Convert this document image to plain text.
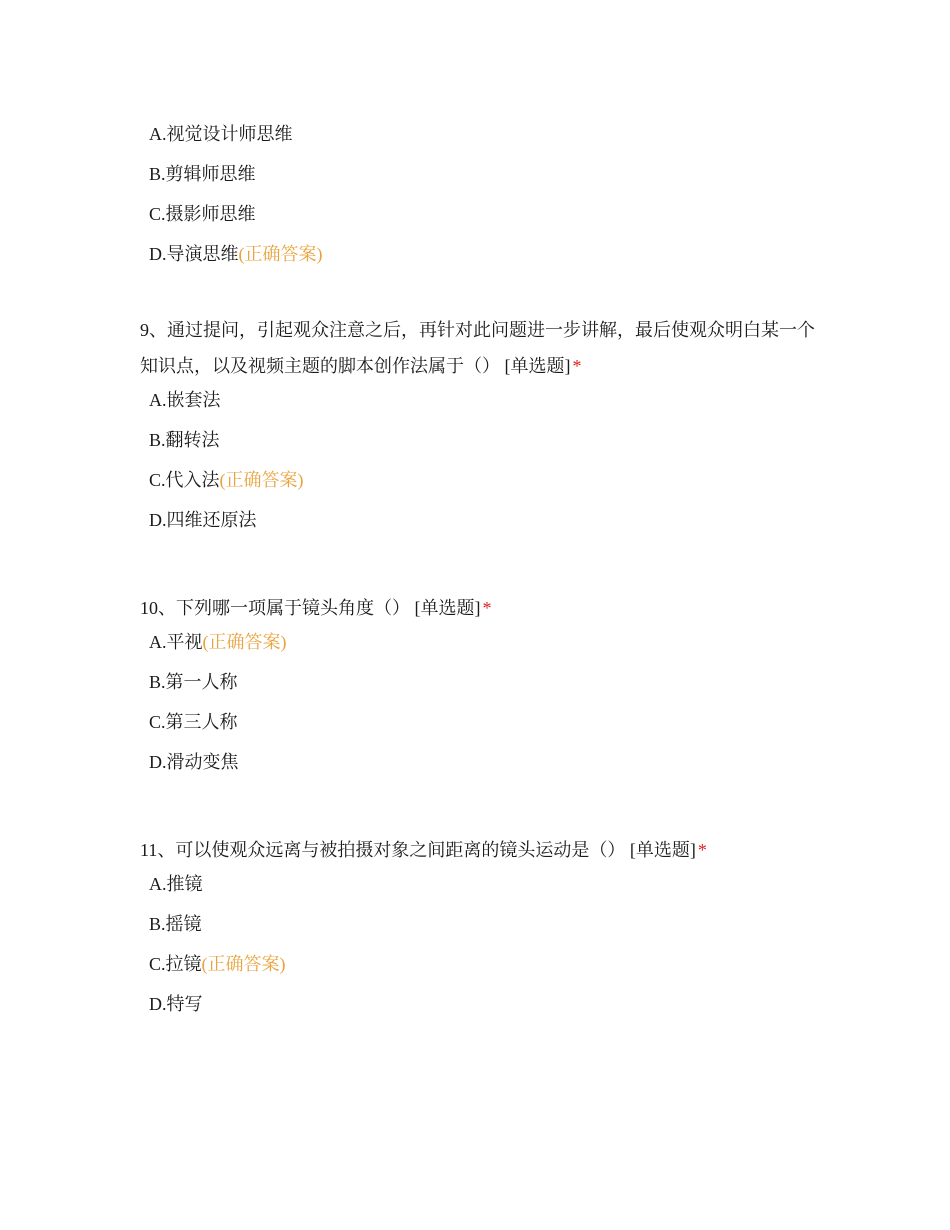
A.视觉设计师思维
B.剪辑师思维
C.摄影师思维
D.导演思维(正确答案)
9、通过提问，引起观众注意之后，再针对此问题进一步讲解，最后使观众明白某一个知识点，以及视频主题的脚本创作法属于（） [单选题] *
A.嵌套法
B.翻转法
C.代入法(正确答案)
D.四维还原法
10、下列哪一项属于镜头角度（） [单选题] *
A.平视(正确答案)
B.第一人称
C.第三人称
D.滑动变焦
11、可以使观众远离与被拍摄对象之间距离的镜头运动是（） [单选题] *
A.推镜
B.摇镜
C.拉镜(正确答案)
D.特写
